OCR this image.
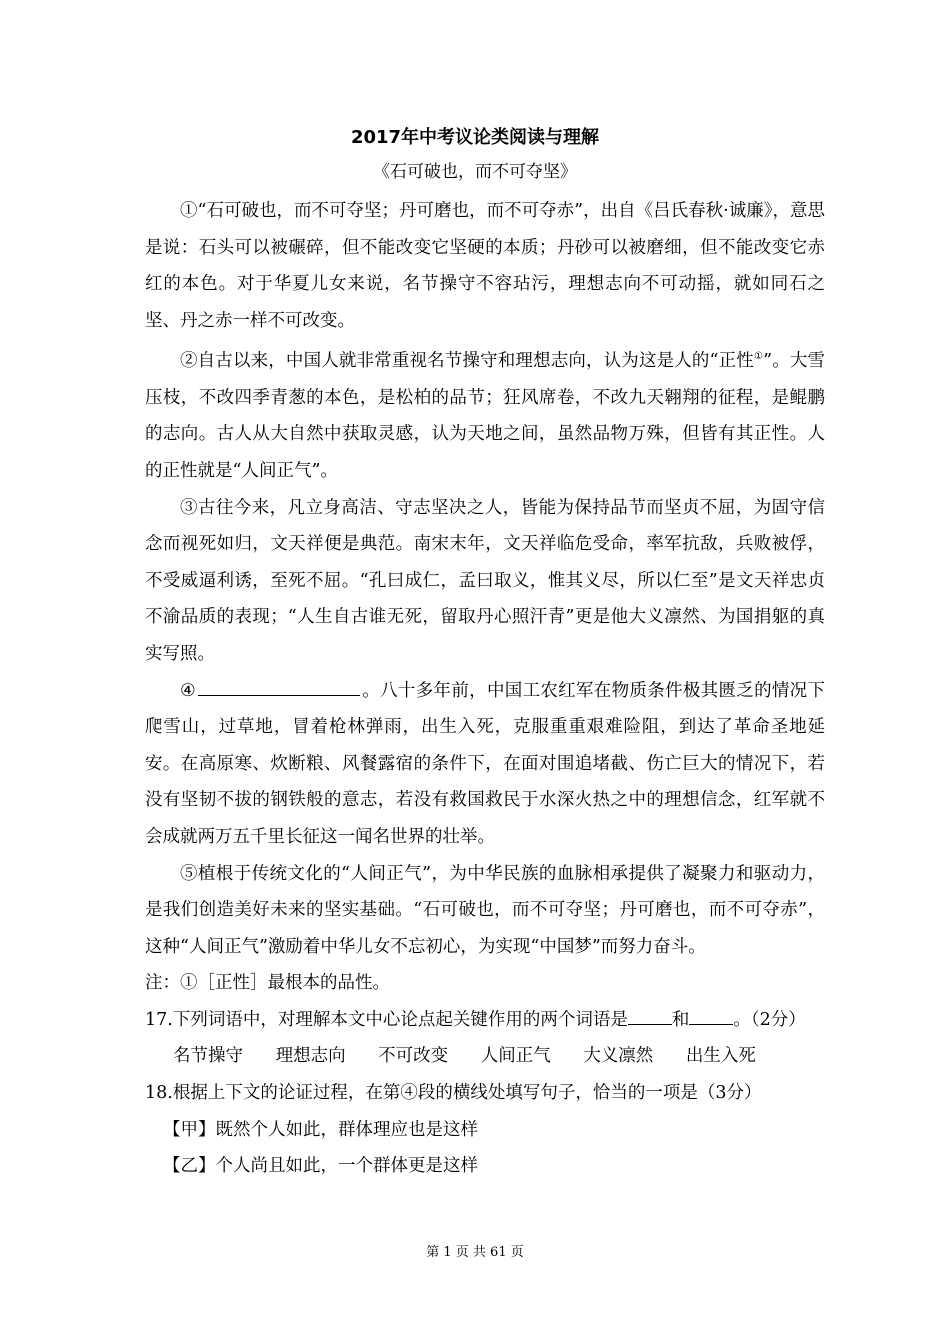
2017年中考议论类阅读与理解
《石可破也，而不可夺坚》

①“石可破也，而不可夺坚；丹可磨也，而不可夺赤”，出自《吕氏春秋·诚廉》，意思是说：石头可以被碾碎，但不能改变它坚硬的本质；丹砂可以被磨细，但不能改变它赤红的本色。对于华夏儿女来说，名节操守不容玷污，理想志向不可动摇，就如同石之坚、丹之赤一样不可改变。

②自古以来，中国人就非常重视名节操守和理想志向，认为这是人的“正性①”。大雪压枝，不改四季青葱的本色，是松柏的品节；狂风席卷，不改九天翱翔的征程，是鲲鹏的志向。古人从大自然中获取灵感，认为天地之间，虽然品物万殊，但皆有其正性。人的正性就是“人间正气”。

③古往今来，凡立身高洁、守志坚决之人，皆能为保持品节而坚贞不屈，为固守信念而视死如归，文天祥便是典范。南宋末年，文天祥临危受命，率军抗敌，兵败被俘，不受威逼利诱，至死不屈。“孔曰成仁，孟曰取义，惟其义尽，所以仁至”是文天祥忠贞不渝品质的表现；“人生自古谁无死，留取丹心照汗青”更是他大义凛然、为国捐躯的真实写照。

④	。八十多年前，中国工农红军在物质条件极其匮乏的情况下爬雪山，过草地，冒着枪林弹雨，出生入死，克服重重艰难险阻，到达了革命圣地延安。在高原寒、炊断粮、风餐露宿的条件下，在面对围追堵截、伤亡巨大的情况下，若没有坚韧不拔的钢铁般的意志，若没有救国救民于水深火热之中的理想信念，红军就不会成就两万五千里长征这一闻名世界的壮举。

⑤植根于传统文化的“人间正气”，为中华民族的血脉相承提供了凝聚力和驱动力，是我们创造美好未来的坚实基础。“石可破也，而不可夺坚；丹可磨也，而不可夺赤”，这种“人间正气”激励着中华儿女不忘初心，为实现“中国梦”而努力奋斗。

注：①［正性］最根本的品性。

17.下列词语中，对理解本文中心论点起关键作用的两个词语是	和	。（2分）

名节操守 理想志向 不可改变 人间正气 大义凛然 出生入死

18.根据上下文的论证过程，在第④段的横线处填写句子，恰当的一项是（3分）

【甲】既然个人如此，群体理应也是这样

【乙】个人尚且如此，一个群体更是这样

第 1 页 共 61 页
